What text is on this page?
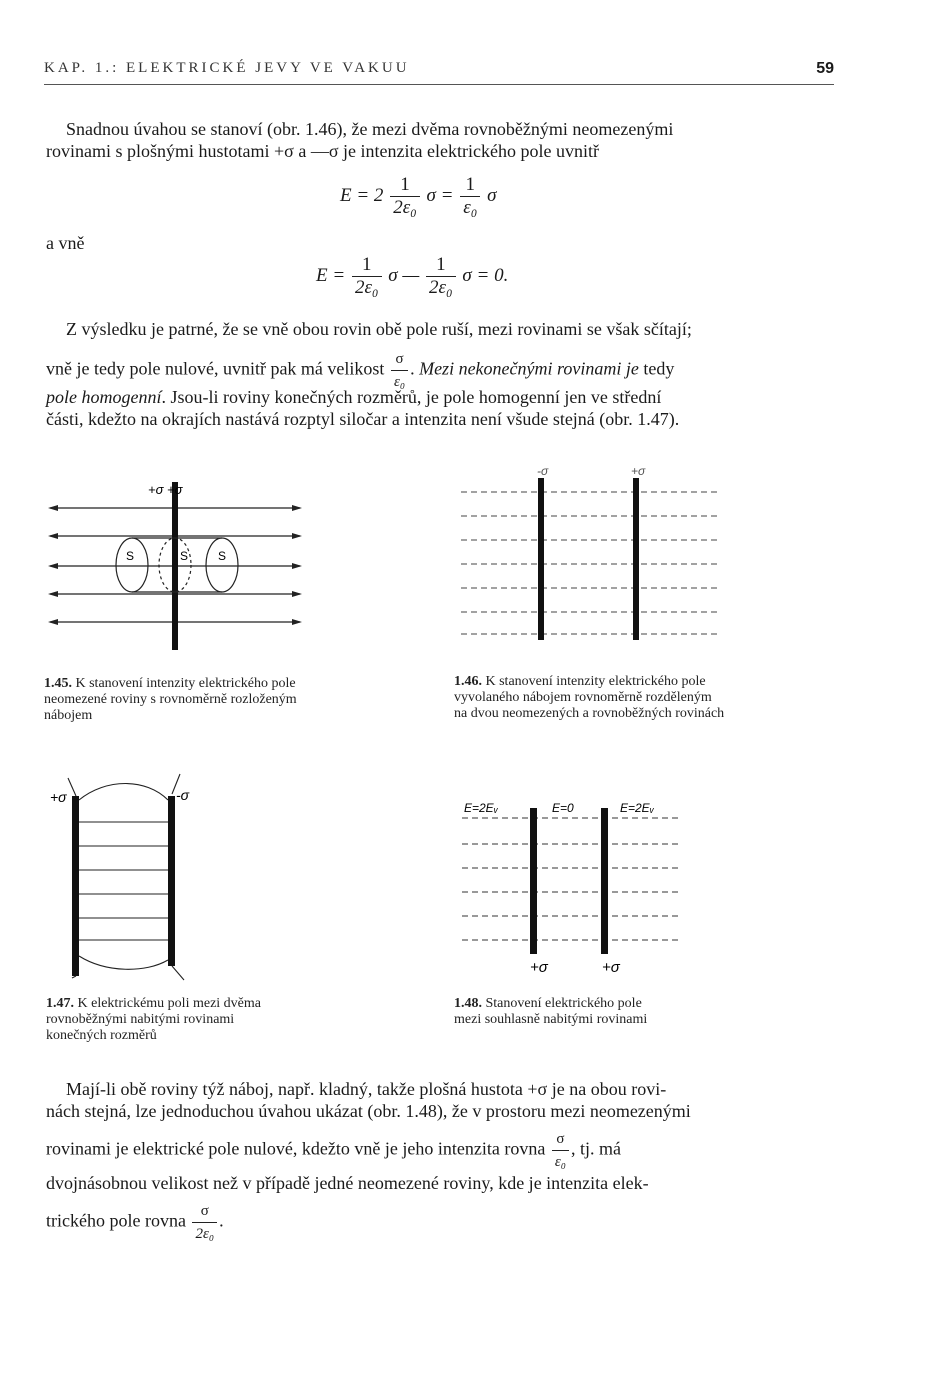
KAP. 1.: ELEKTRICKÉ JEVY VE VAKUU	59
Snadnou úvahou se stanoví (obr. 1.46), že mezi dvěma rovnoběžnými neomezenými
rovinami s plošnými hustotami +σ a —σ je intenzita elektrického pole uvnitř
$E = 2 \frac{1}{\text{2ε₀}}$ $\sigma = \frac{1}{\text{ε₀}}$ σ
a vně
$E = \frac{1}{\text{2ε₀}}$ σ — $\frac{1}{\text{2ε₀}}$ σ = 0.
Z výsledku je patrné, že se vně obou rovin obě pole ruší, mezi rovinami se však sčítají;
vně je tedy pole nulové, uvnitř pak má velikost $\frac{\sigma}{\text{ε₀}}$ . Mezi nekonečnými rovinami je tedy
pole homogenní. Jsou-li roviny konečných rozměrů, je pole homogenní jen ve střední
části, kdežto na okrajích nastává rozptyl siločar a intenzita není všude stejná (obr. 1.47).
+σ +σ
S	S S
1.45. K stanovení intenzity elektrického pole
neomezené roviny s rovnoměrně rozloženým
nábojem
-σ	+σ
1.46. K stanovení intenzity elektrického pole
vyvolaného nábojem rovnoměrně rozděleným
na dvou neomezených a rovnoběžných rovinách
+σ	-σ
1.47. K elektrickému poli mezi dvěma
rovnoběžnými nabitými rovinami
konečných rozměrů
E=2Eᵥ	E=0	E=2Eᵥ
+σ	+σ
1.48. Stanovení elektrického pole
mezi souhlasně nabitými rovinami
Mají-li obě roviny týž náboj, např. kladný, takže plošná hustota +σ je na obou rovi-
nách stejná, lze jednoduchou úvahou ukázat (obr. 1.48), že v prostoru mezi neomezenými
rovinami je elektrické pole nulové, kdežto vně je jeho intenzita rovna $\frac{\sigma}{\text{ε₀}}$ , tj. má
dvojnásobnou velikost než v případě jedné neomezené roviny, kde je intenzita elek-
trického pole rovna $\frac{\sigma}{\text{2ε₀}}$ .
